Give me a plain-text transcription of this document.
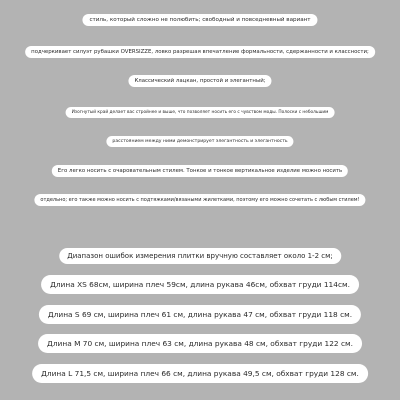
стиль, который сложно не полюбить; свободный и повседневный вариант
подчеркивает силуэт рубашки OVERSIZZE, ловко разрешая впечатление формальности, сдержанности и классности;
Классический лацкан, простой и элегантный;
Изогнутый край делает вас стройнее и выше, что позволяет носить его с чувством моды. Полоски с небольшим
расстоянием между ними демонстрирует элегантность и элегантность
Его легко носить с очаровательным стилем. Тонкое и тонкое вертикальное изделие можно носить
отдельно; его также можно носить с подтяжками/вязаными жилетками, поэтому его можно сочетать с любым стилем!
Диапазон ошибок измерения плитки вручную составляет около 1-2 см;
Длина XS 68см, ширина плеч 59см, длина рукава 46см, обхват груди 114см.
Длина S 69 см, ширина плеч 61 см, длина рукава 47 см, обхват груди 118 см.
Длина M 70 см, ширина плеч 63 см, длина рукава 48 см, обхват груди 122 см.
Длина L 71,5 см, ширина плеч 66 см, длина рукава 49,5 см, обхват груди 128 см.
